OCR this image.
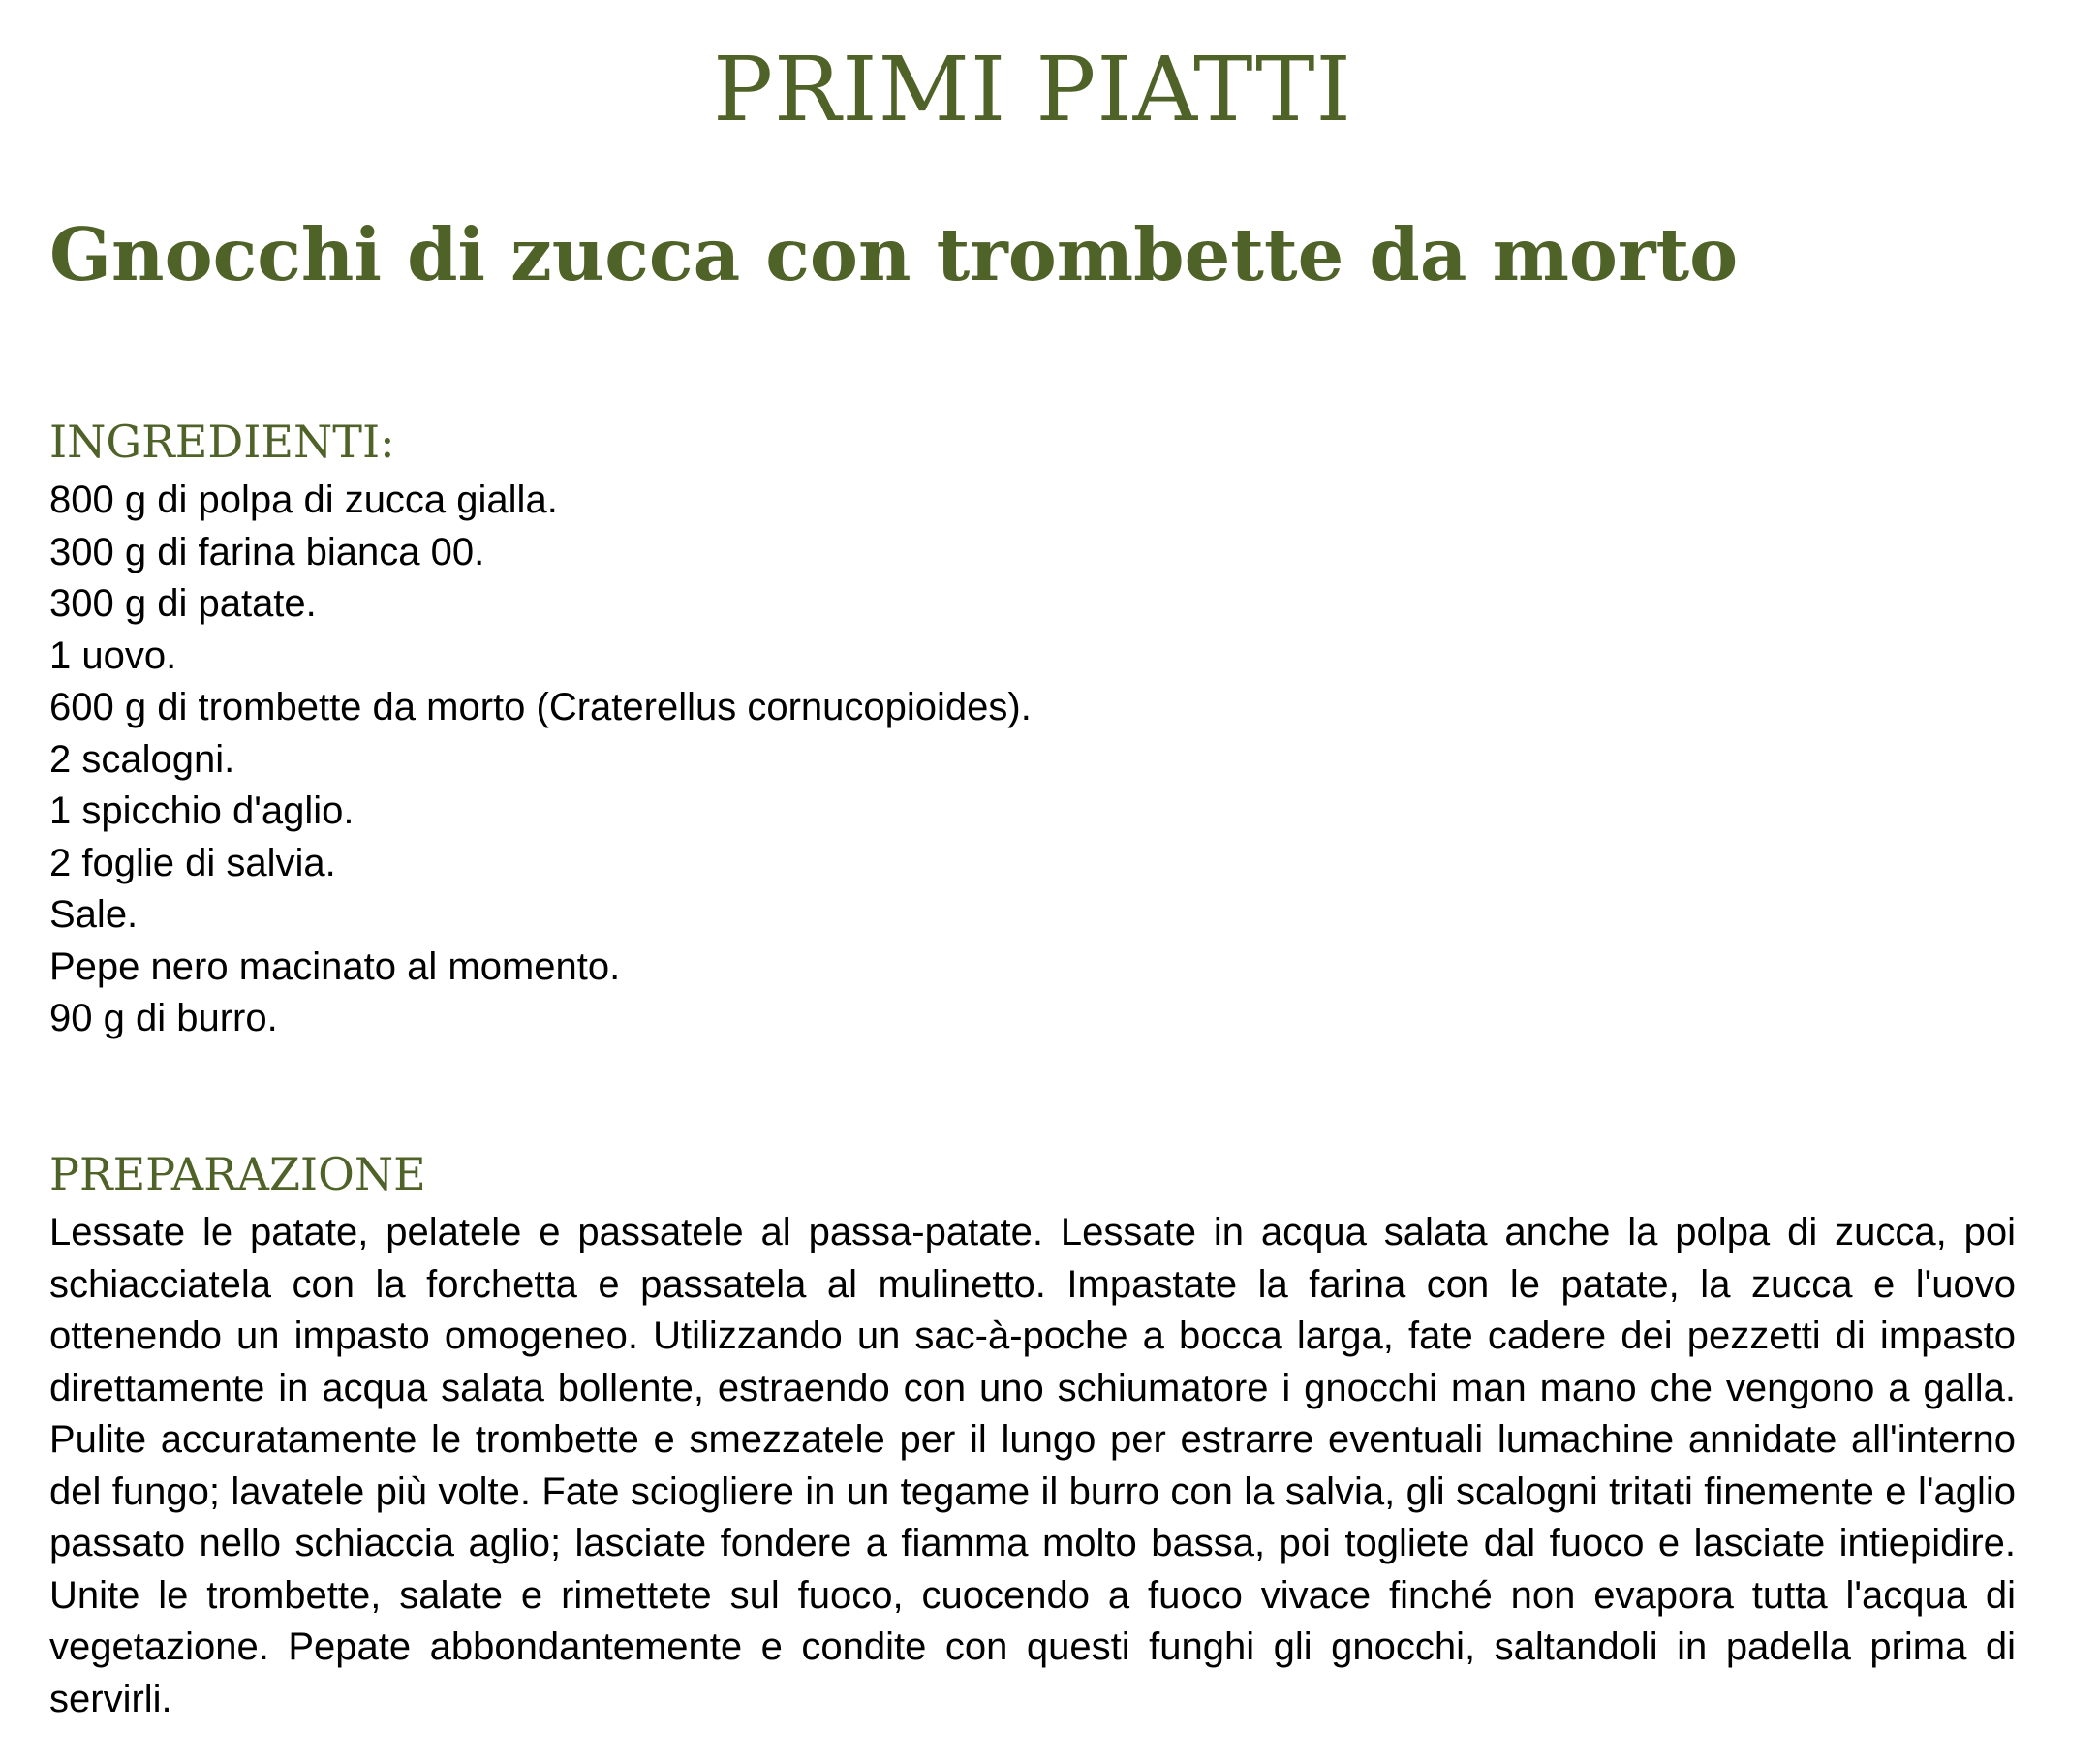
PRIMI PIATTI
Gnocchi di zucca con trombette da morto
INGREDIENTI:
800 g di polpa di zucca gialla.
300 g di farina bianca 00.
300 g di patate.
1 uovo.
600 g di trombette da morto (Craterellus cornucopioides).
2 scalogni.
1 spicchio d'aglio.
2 foglie di salvia.
Sale.
Pepe nero macinato al momento.
90 g di burro.
PREPARAZIONE

Lessate le patate, pelatele e passatele al passa-patate. Lessate in acqua salata anche la polpa di zucca, poi schiacciatela con la forchetta e passatela al mulinetto. Impastate la farina con le patate, la zucca e l'uovo ottenendo un impasto omogeneo. Utilizzando un sac-à-poche a bocca larga, fate cadere dei pezzetti di impasto direttamente in acqua salata bollente, estraendo con uno schiumatore i gnocchi man mano che vengono a galla. Pulite accuratamente le trombette e smezzatele per il lungo per estrarre eventuali lumachine annidate all'interno del fungo; lavatele più volte. Fate sciogliere in un tegame il burro con la salvia, gli scalogni tritati finemente e l'aglio passato nello schiaccia aglio; lasciate fondere a fiamma molto bassa, poi togliete dal fuoco e lasciate intiepidire. Unite le trombette, salate e rimettete sul fuoco, cuocendo a fuoco vivace finché non evapora tutta l'acqua di vegetazione. Pepate abbondantemente e condite con questi funghi gli gnocchi, saltandoli in padella prima di servirli.
